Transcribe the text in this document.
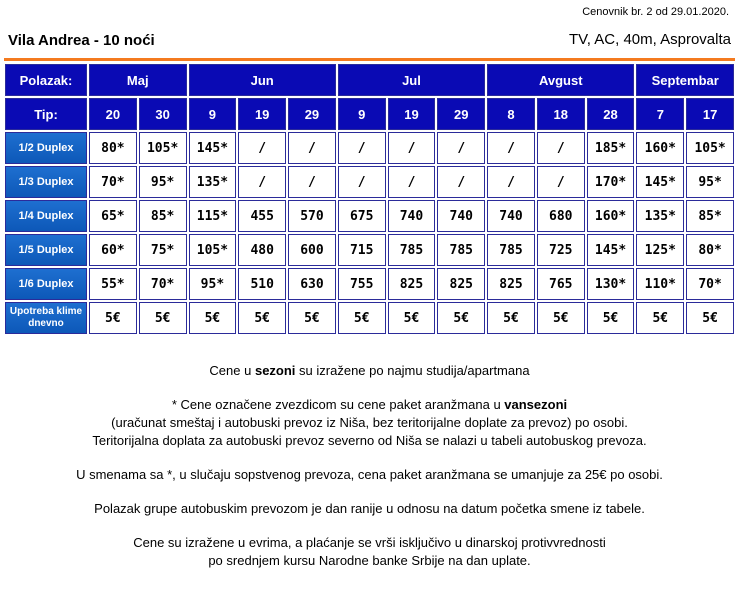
Cenovnik br. 2 od 29.01.2020.
Vila Andrea - 10 noći	TV, AC, 40m, Asprovalta
Polazak:	Maj		Jun			Jul			Avgust			Septembar	
Tip:	20	30	9	19	29	9	19	29	8	18	28	7	17
1/2 Duplex	80*	105*	145*	/	/	/	/	/	/	/	185*	160*	105*
1/3 Duplex	70*	95*	135*	/	/	/	/	/	/	/	170*	145*	95*
1/4 Duplex	65*	85*	115*	455	570	675	740	740	740	680	160*	135*	85*
1/5 Duplex	60*	75*	105*	480	600	715	785	785	785	725	145*	125*	80*
1/6 Duplex	55*	70*	95*	510	630	755	825	825	825	765	130*	110*	70*
Upotreba klime dnevno	5€	5€	5€	5€	5€	5€	5€	5€	5€	5€	5€	5€	5€

Cene u sezoni su izražene po najmu studija/apartmana

* Cene označene zvezdicom su cene paket aranžmana u vansezoni
(uračunat smeštaj i autobuski prevoz iz Niša, bez teritorijalne doplate za prevoz) po osobi.
Teritorijalna doplata za autobuski prevoz severno od Niša se nalazi u tabeli autobuskog prevoza.

U smenama sa *, u slučaju sopstvenog prevoza, cena paket aranžmana se umanjuje za 25€ po osobi.

Polazak grupe autobuskim prevozom je dan ranije u odnosu na datum početka smene iz tabele.

Cene su izražene u evrima, a plaćanje se vrši isključivo u dinarskoj protivvrednosti
po srednjem kursu Narodne banke Srbije na dan uplate.
